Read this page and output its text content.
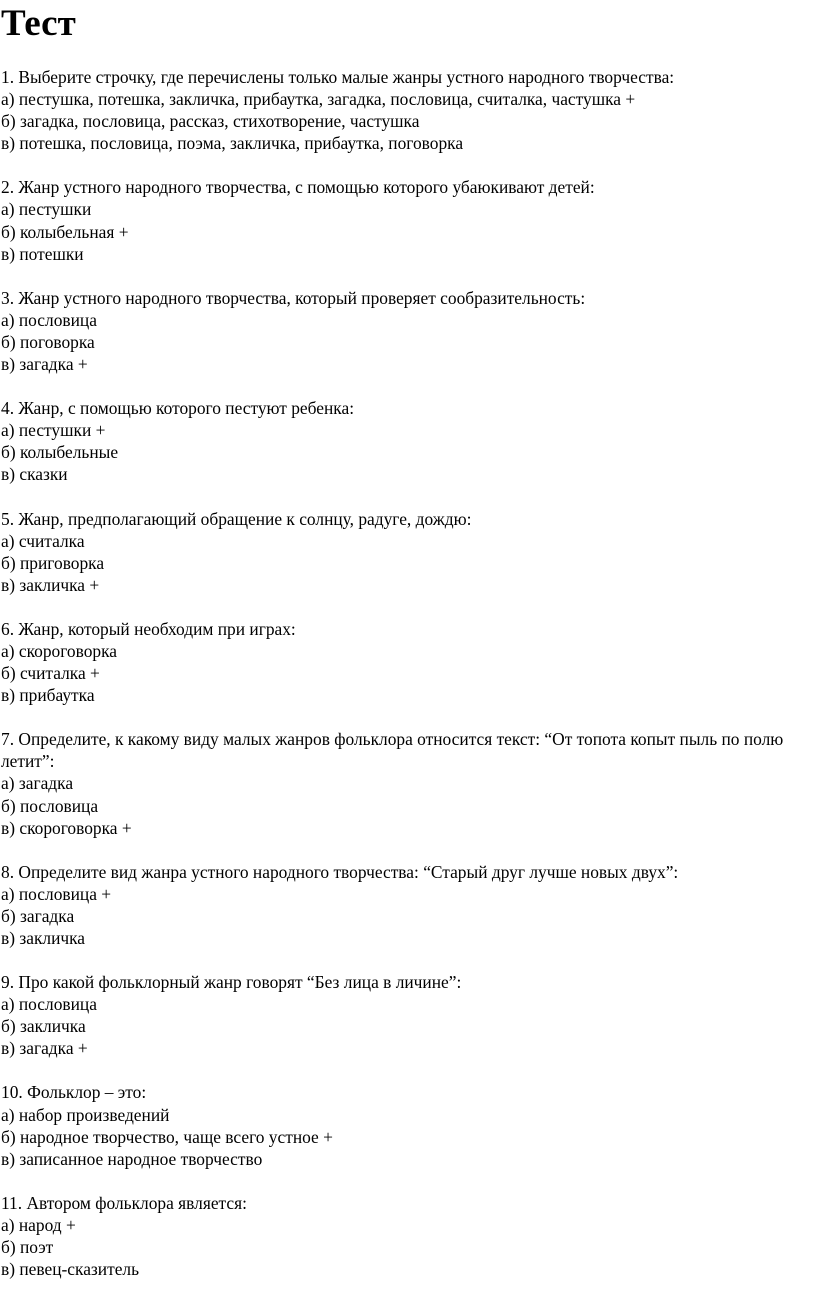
Тест
1. Выберите строчку, где перечислены только малые жанры устного народного творчества:
а) пестушка, потешка, закличка, прибаутка, загадка, пословица, считалка, частушка +
б) загадка, пословица, рассказ, стихотворение, частушка
в) потешка, пословица, поэма, закличка, прибаутка, поговорка
2. Жанр устного народного творчества, с помощью которого убаюкивают детей:
а) пестушки
б) колыбельная +
в) потешки
3. Жанр устного народного творчества, который проверяет сообразительность:
а) пословица
б) поговорка
в) загадка +
4. Жанр, с помощью которого пестуют ребенка:
а) пестушки +
б) колыбельные
в) сказки
5. Жанр, предполагающий обращение к солнцу, радуге, дождю:
а) считалка
б) приговорка
в) закличка +
6. Жанр, который необходим при играх:
а) скороговорка
б) считалка +
в) прибаутка
7. Определите, к какому виду малых жанров фольклора относится текст: “От топота копыт пыль по полю летит”:
а) загадка
б) пословица
в) скороговорка +
8. Определите вид жанра устного народного творчества: “Старый друг лучше новых двух”:
а) пословица +
б) загадка
в) закличка
9. Про какой фольклорный жанр говорят “Без лица в личине”:
а) пословица
б) закличка
в) загадка +
10. Фольклор – это:
а) набор произведений
б) народное творчество, чаще всего устное +
в) записанное народное творчество
11. Автором фольклора является:
а) народ +
б) поэт
в) певец-сказитель
